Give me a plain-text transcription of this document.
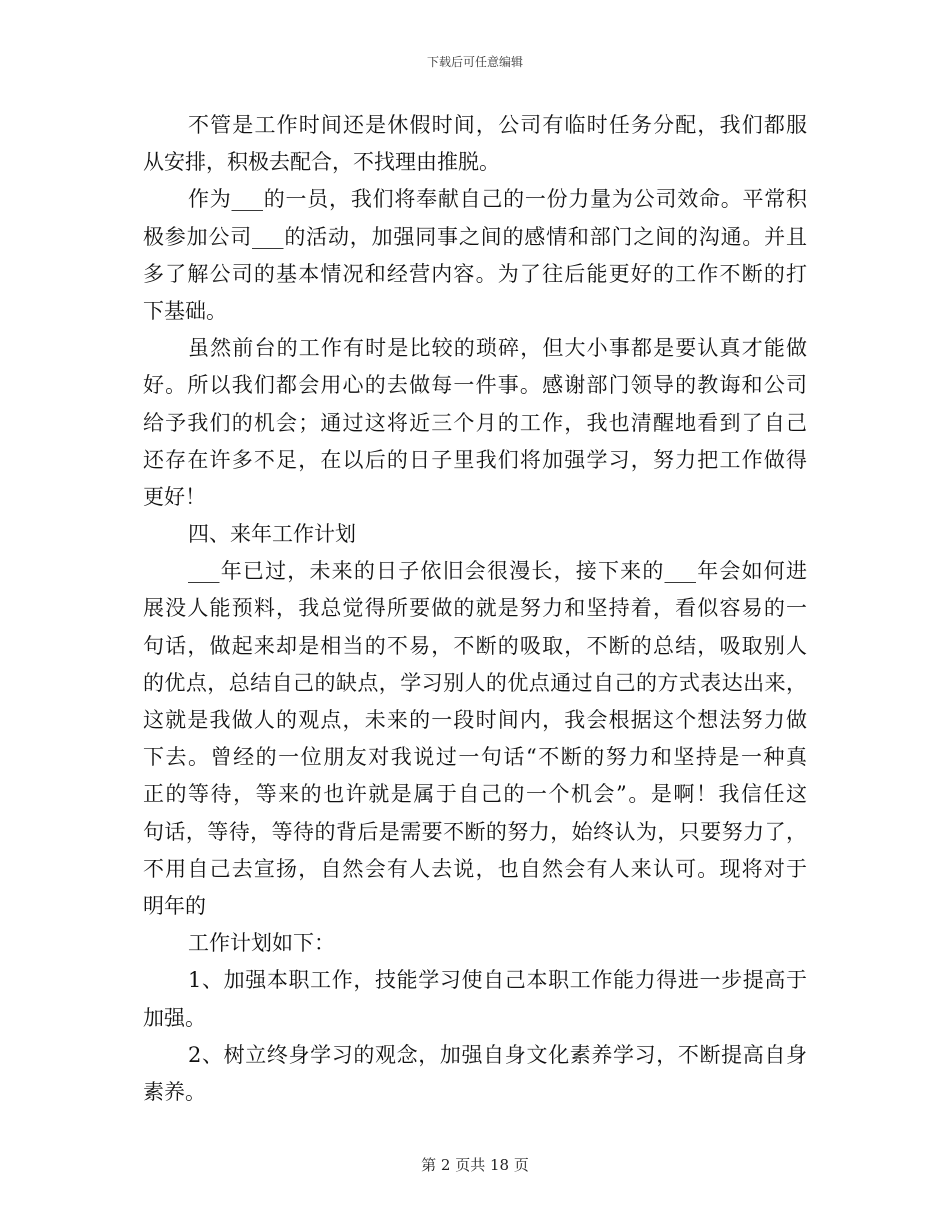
下载后可任意编辑
不管是工作时间还是休假时间，公司有临时任务分配，我们都服
从安排，积极去配合，不找理由推脱。
作为___的一员，我们将奉献自己的一份力量为公司效命。平常积
极参加公司___的活动，加强同事之间的感情和部门之间的沟通。并且
多了解公司的基本情况和经营内容。为了往后能更好的工作不断的打
下基础。
虽然前台的工作有时是比较的琐碎，但大小事都是要认真才能做
好。所以我们都会用心的去做每一件事。感谢部门领导的教诲和公司
给予我们的机会；通过这将近三个月的工作，我也清醒地看到了自己
还存在许多不足，在以后的日子里我们将加强学习，努力把工作做得
更好！
四、来年工作计划
___年已过，未来的日子依旧会很漫长，接下来的___年会如何进
展没人能预料，我总觉得所要做的就是努力和坚持着，看似容易的一
句话，做起来却是相当的不易，不断的吸取，不断的总结，吸取别人
的优点，总结自己的缺点，学习别人的优点通过自己的方式表达出来，
这就是我做人的观点，未来的一段时间内，我会根据这个想法努力做
下去。曾经的一位朋友对我说过一句话“不断的努力和坚持是一种真
正的等待，等来的也许就是属于自己的一个机会”。是啊！我信任这
句话，等待，等待的背后是需要不断的努力，始终认为，只要努力了，
不用自己去宣扬，自然会有人去说，也自然会有人来认可。现将对于
明年的
工作计划如下：
1、加强本职工作，技能学习使自己本职工作能力得进一步提高于
加强。
2、树立终身学习的观念，加强自身文化素养学习，不断提高自身
素养。
第 2 页共 18 页
